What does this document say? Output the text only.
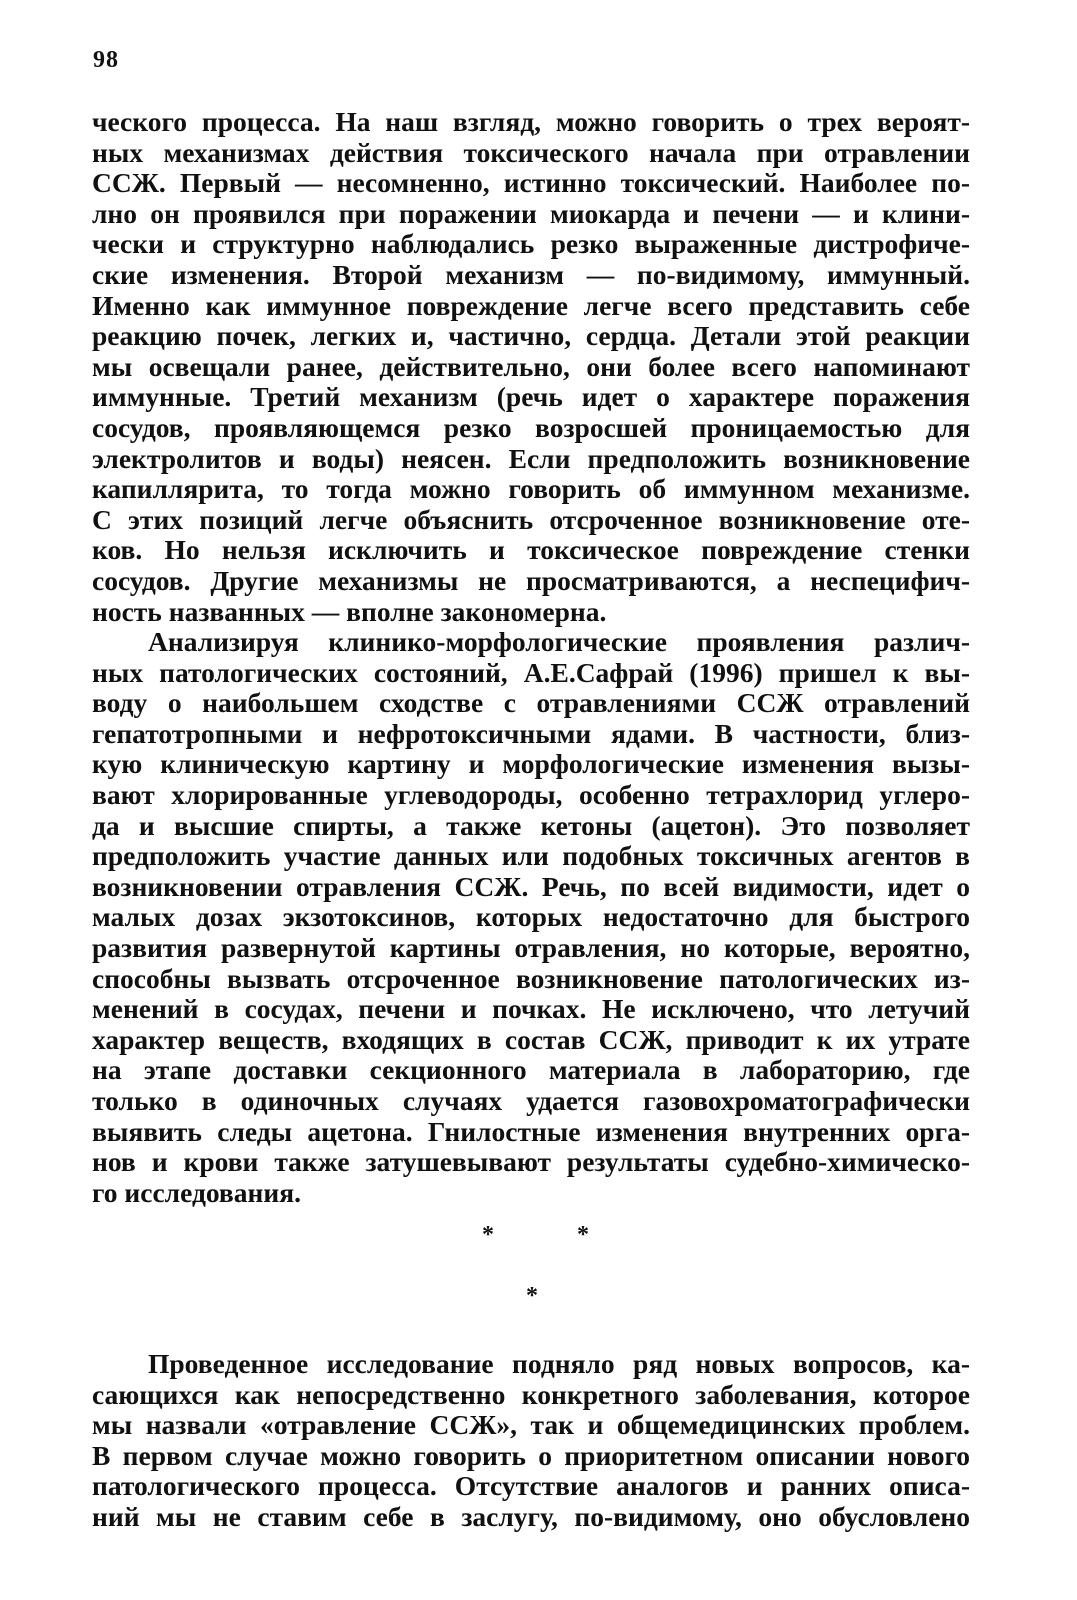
98
ческого процесса. На наш взгляд, можно говорить о трех вероят-
ных механизмах действия токсического начала при отравлении
ССЖ. Первый — несомненно, истинно токсический. Наиболее по-
лно он проявился при поражении миокарда и печени — и клини-
чески и структурно наблюдались резко выраженные дистрофиче-
ские изменения. Второй механизм — по-видимому, иммунный.
Именно как иммунное повреждение легче всего представить себе
реакцию почек, легких и, частично, сердца. Детали этой реакции
мы освещали ранее, действительно, они более всего напоминают
иммунные. Третий механизм (речь идет о характере поражения
сосудов, проявляющемся резко возросшей проницаемостью для
электролитов и воды) неясен. Если предположить возникновение
капиллярита, то тогда можно говорить об иммунном механизме.
С этих позиций легче объяснить отсроченное возникновение оте-
ков. Но нельзя исключить и токсическое повреждение стенки
сосудов. Другие механизмы не просматриваются, а неспецифич-
ность названных — вполне закономерна.
Анализируя клинико-морфологические проявления различ-
ных патологических состояний, А.Е.Сафрай (1996) пришел к вы-
воду о наибольшем сходстве с отравлениями ССЖ отравлений
гепатотропными и нефротоксичными ядами. В частности, близ-
кую клиническую картину и морфологические изменения вызы-
вают хлорированные углеводороды, особенно тетрахлорид углеро-
да и высшие спирты, а также кетоны (ацетон). Это позволяет
предположить участие данных или подобных токсичных агентов в
возникновении отравления ССЖ. Речь, по всей видимости, идет о
малых дозах экзотоксинов, которых недостаточно для быстрого
развития развернутой картины отравления, но которые, вероятно,
способны вызвать отсроченное возникновение патологических из-
менений в сосудах, печени и почках. Не исключено, что летучий
характер веществ, входящих в состав ССЖ, приводит к их утрате
на этапе доставки секционного материала в лабораторию, где
только в одиночных случаях удается газовохроматографически
выявить следы ацетона. Гнилостные изменения внутренних орга-
нов и крови также затушевывают результаты судебно-химическо-
го исследования.
*	*
*
Проведенное исследование подняло ряд новых вопросов, ка-
сающихся как непосредственно конкретного заболевания, которое
мы назвали «отравление ССЖ», так и общемедицинских проблем.
В первом случае можно говорить о приоритетном описании нового
патологического процесса. Отсутствие аналогов и ранних описа-
ний мы не ставим себе в заслугу, по-видимому, оно обусловлено
